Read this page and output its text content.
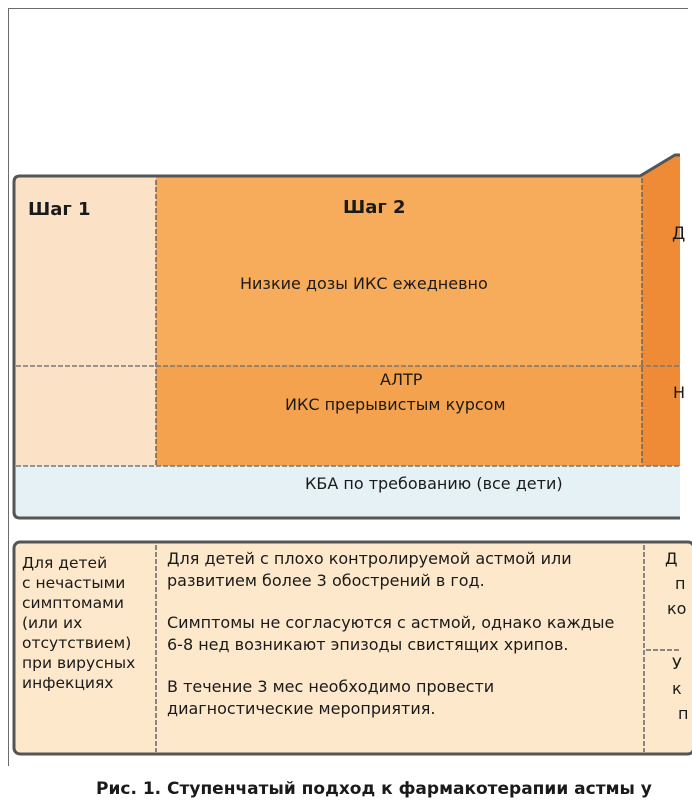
Шаг 1	Шаг 2
Низкие дозы ИКС ежедневно
АЛТР
ИКС прерывистым курсом
КБА по требованию (все дети)
Д
Н
Для детей
с нечастыми
симптомами
(или их
отсутствием)
при вирусных
инфекциях
Для детей с плохо контролируемой астмой или
развитием более 3 обострений в год.
Симптомы не согласуются с астмой, однако каждые
6-8 нед возникают эпизоды свистящих хрипов.
В течение 3 мес необходимо провести
диагностические мероприятия.
Д
п
ко
У
к
п
Рис. 1. Ступенчатый подход к фармакотерапии астмы у
